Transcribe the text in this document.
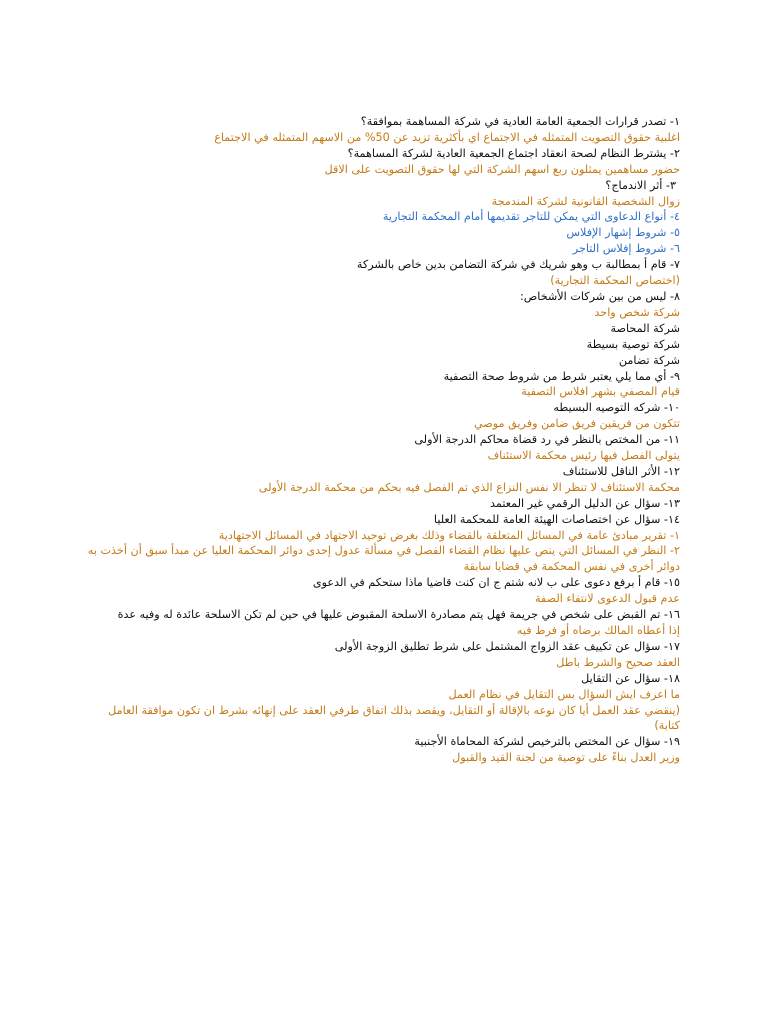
١- تصدر قرارات الجمعية العامة العادية في شركة المساهمة بموافقة؟
اغلبية حقوق التصويت المتمثله في الاجتماع اي بأكثرية تزيد عن 50% من الاسهم المتمثله في الاجتماع
٢- يشترط النظام لصحة انعقاد اجتماع الجمعية العادية لشركة المساهمة؟
حضور مساهمين يمثلون ربع اسهم الشركة التي لها حقوق التصويت على الاقل
٣- أثر الاندماج؟
زوال الشخصية القانونية لشركة المندمجة
٤- أنواع الدعاوى التي يمكن للتاجر تقديمها أمام المحكمة التجارية
٥- شروط إشهار الإفلاس
٦- شروط إفلاس التاجر
٧- قام أ بمطالبة ب وهو شريك في شركة التضامن بدين خاص بالشركة
(اختصاص المحكمة التجارية)
٨- ليس من بين شركات الأشخاص:
شركة شخص واحد
شركة المحاصة
شركة توصية بسيطة
شركة تضامن
٩- أي مما يلي يعتبر شرط من شروط صحة التصفية
قيام المصفي بشهر افلاس التصفية
١٠- شركه التوصيه البسيطه
تتكون من فريقين فريق ضامن وفريق موصي
١١- من المختص بالنظر في رد قضاة محاكم الدرجة الأولى
يتولى الفصل فيها رئيس محكمة الاستئناف
١٢- الأثر الناقل للاستئناف
محكمة الاستئناف لا تنظر الا نفس النزاع الذي تم الفصل فيه بحكم من محكمة الدرجة الأولى
١٣- سؤال عن الدليل الرقمي غير المعتمد
١٤- سؤال عن اختصاصات الهيئة العامة للمحكمة العليا
١- تقرير مبادئ عامة في المسائل المتعلقة بالقضاء وذلك بغرض توحيد الاجتهاد في المسائل الاجتهادية
٢- النظر في المسائل التي ينص عليها نظام القضاء الفصل في مسألة عدول إحدى دوائر المحكمة العليا عن مبدأ سبق أن أخذت به دوائر أخرى في نفس المحكمة في قضايا سابقة
١٥- قام أ برفع دعوى على ب لانه شتم ج ان كنت قاضيا ماذا ستحكم في الدعوى
عدم قبول الدعوى لانتفاء الصفة
١٦- تم القبض على شخص في جريمة فهل يتم مصادرة الاسلحة المقبوض عليها في حين لم تكن الاسلحة عائدة له وفيه عدة
إذا أعطاه المالك برضاه أو فرط فيه
١٧- سؤال عن تكييف عقد الزواج المشتمل على شرط تطليق الزوجة الأولى
العقد صحيح والشرط باطل
١٨- سؤال عن التقايل
ما اعرف ايش السؤال بس التقايل في نظام العمل
(ينقضي عقد العمل أيا كان نوعه بالإقالة أو التقايل، ويقصد بذلك اتفاق طرفي العقد على إنهائه بشرط ان تكون موافقة العامل كتابة)
١٩- سؤال عن المختص بالترخيص لشركة المحاماة الأجنبية
وزير العدل بناءً على توصية من لجنة القيد والقبول
